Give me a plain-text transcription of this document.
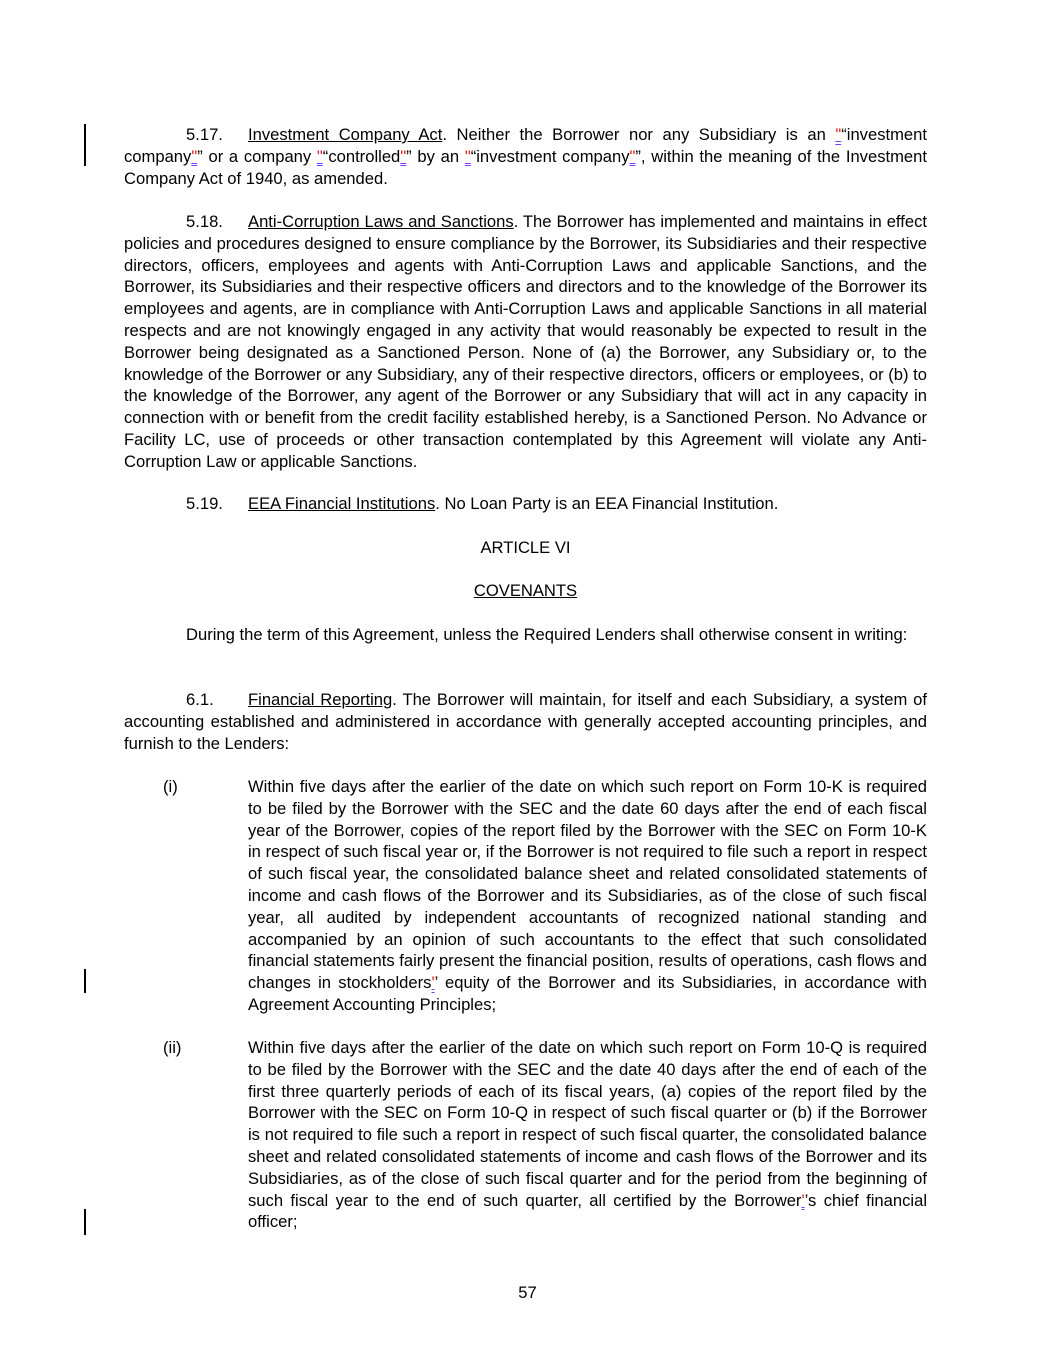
5.17. Investment Company Act. Neither the Borrower nor any Subsidiary is an "“investment company"” or a company "“controlled"” by an "“investment company"”, within the meaning of the Investment Company Act of 1940, as amended.

5.18. Anti-Corruption Laws and Sanctions. The Borrower has implemented and maintains in effect policies and procedures designed to ensure compliance by the Borrower, its Subsidiaries and their respective directors, officers, employees and agents with Anti-Corruption Laws and applicable Sanctions, and the Borrower, its Subsidiaries and their respective officers and directors and to the knowledge of the Borrower its employees and agents, are in compliance with Anti-Corruption Laws and applicable Sanctions in all material respects and are not knowingly engaged in any activity that would reasonably be expected to result in the Borrower being designated as a Sanctioned Person. None of (a) the Borrower, any Subsidiary or, to the knowledge of the Borrower or any Subsidiary, any of their respective directors, officers or employees, or (b) to the knowledge of the Borrower, any agent of the Borrower or any Subsidiary that will act in any capacity in connection with or benefit from the credit facility established hereby, is a Sanctioned Person. No Advance or Facility LC, use of proceeds or other transaction contemplated by this Agreement will violate any Anti-Corruption Law or applicable Sanctions.

5.19. EEA Financial Institutions. No Loan Party is an EEA Financial Institution.

ARTICLE VI
COVENANTS

During the term of this Agreement, unless the Required Lenders shall otherwise consent in writing:

6.1. Financial Reporting. The Borrower will maintain, for itself and each Subsidiary, a system of accounting established and administered in accordance with generally accepted accounting principles, and furnish to the Lenders:

(i)	Within five days after the earlier of the date on which such report on Form 10-K is required to be filed by the Borrower with the SEC and the date 60 days after the end of each fiscal year of the Borrower, copies of the report filed by the Borrower with the SEC on Form 10-K in respect of such fiscal year or, if the Borrower is not required to file such a report in respect of such fiscal year, the consolidated balance sheet and related consolidated statements of income and cash flows of the Borrower and its Subsidiaries, as of the close of such fiscal year, all audited by independent accountants of recognized national standing and accompanied by an opinion of such accountants to the effect that such consolidated financial statements fairly present the financial position, results of operations, cash flows and changes in stockholders'’ equity of the Borrower and its Subsidiaries, in accordance with Agreement Accounting Principles;
(ii)	Within five days after the earlier of the date on which such report on Form 10-Q is required to be filed by the Borrower with the SEC and the date 40 days after the end of each of the first three quarterly periods of each of its fiscal years, (a) copies of the report filed by the Borrower with the SEC on Form 10-Q in respect of such fiscal quarter or (b) if the Borrower is not required to file such a report in respect of such fiscal quarter, the consolidated balance sheet and related consolidated statements of income and cash flows of the Borrower and its Subsidiaries, as of the close of such fiscal quarter and for the period from the beginning of such fiscal year to the end of such quarter, all certified by the Borrower'’s chief financial officer;
57
